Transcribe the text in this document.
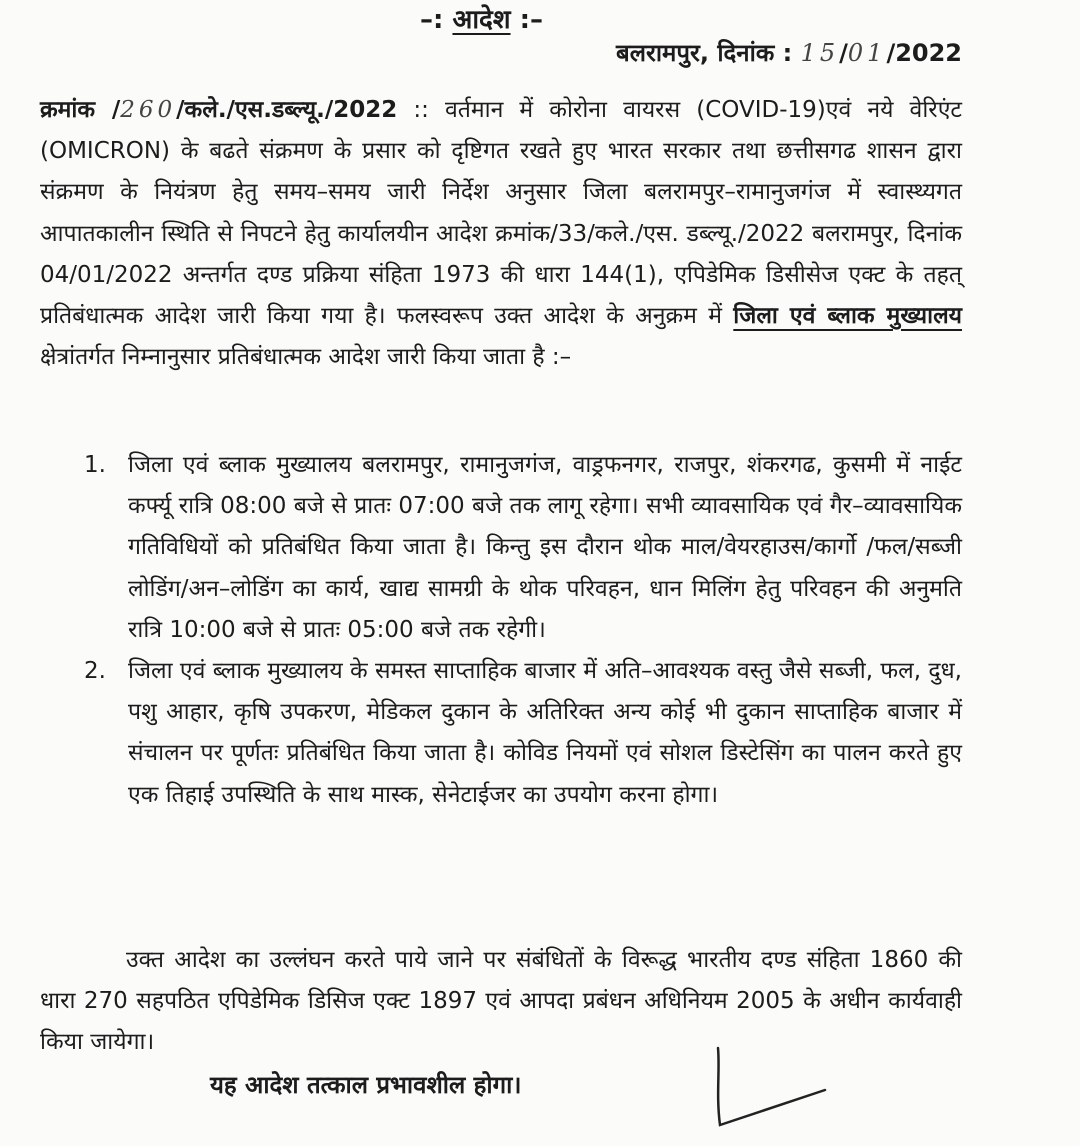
–: आदेश :–
बलरामपुर, दिनांक : 15/01/2022
क्रमांक /260/कले./एस.डब्ल्यू./2022 :: वर्तमान में कोरोना वायरस (COVID-19)एवं नये वेरिएंट (OMICRON) के बढते संक्रमण के प्रसार को दृष्टिगत रखते हुए भारत सरकार तथा छत्तीसगढ शासन द्वारा संक्रमण के नियंत्रण हेतु समय–समय जारी निर्देश अनुसार जिला बलरामपुर–रामानुजगंज में स्वास्थ्यगत आपातकालीन स्थिति से निपटने हेतु कार्यालयीन आदेश क्रमांक/33/कले./एस. डब्ल्यू./2022 बलरामपुर, दिनांक 04/01/2022 अन्तर्गत दण्ड प्रक्रिया संहिता 1973 की धारा 144(1), एपिडेमिक डिसीसेज एक्ट के तहत् प्रतिबंधात्मक आदेश जारी किया गया है। फलस्वरूप उक्त आदेश के अनुक्रम में जिला एवं ब्लाक मुख्यालय क्षेत्रांतर्गत निम्नानुसार प्रतिबंधात्मक आदेश जारी किया जाता है :–
1. जिला एवं ब्लाक मुख्यालय बलरामपुर, रामानुजगंज, वाड्रफनगर, राजपुर, शंकरगढ, कुसमी में नाईट कर्फ्यू रात्रि 08:00 बजे से प्रातः 07:00 बजे तक लागू रहेगा। सभी व्यावसायिक एवं गैर–व्यावसायिक गतिविधियों को प्रतिबंधित किया जाता है। किन्तु इस दौरान थोक माल/वेयरहाउस/कार्गो /फल/सब्जी लोडिंग/अन–लोडिंग का कार्य, खाद्य सामग्री के थोक परिवहन, धान मिलिंग हेतु परिवहन की अनुमति रात्रि 10:00 बजे से प्रातः 05:00 बजे तक रहेगी।
2. जिला एवं ब्लाक मुख्यालय के समस्त साप्ताहिक बाजार में अति–आवश्यक वस्तु जैसे सब्जी, फल, दुध, पशु आहार, कृषि उपकरण, मेडिकल दुकान के अतिरिक्त अन्य कोई भी दुकान साप्ताहिक बाजार में संचालन पर पूर्णतः प्रतिबंधित किया जाता है। कोविड नियमों एवं सोशल डिस्टेसिंग का पालन करते हुए एक तिहाई उपस्थिति के साथ मास्क, सेनेटाईजर का उपयोग करना होगा।
उक्त आदेश का उल्लंघन करते पाये जाने पर संबंधितों के विरूद्ध भारतीय दण्ड संहिता 1860 की धारा 270 सहपठित एपिडेमिक डिसिज एक्ट 1897 एवं आपदा प्रबंधन अधिनियम 2005 के अधीन कार्यवाही किया जायेगा।
यह आदेश तत्काल प्रभावशील होगा।
